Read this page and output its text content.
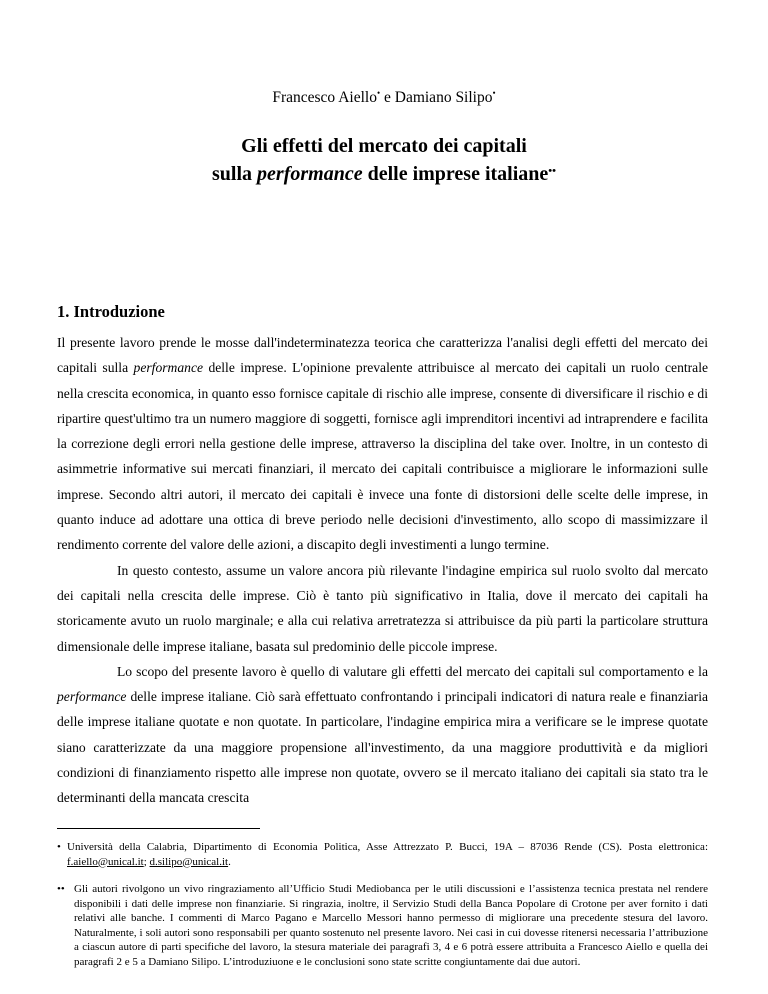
Francesco Aiello• e Damiano Silipo•
Gli effetti del mercato dei capitali
sulla performance delle imprese italiane••
1. Introduzione

Il presente lavoro prende le mosse dall'indeterminatezza teorica che caratterizza l'analisi degli effetti del mercato dei capitali sulla performance delle imprese. L'opinione prevalente attribuisce al mercato dei capitali un ruolo centrale nella crescita economica, in quanto esso fornisce capitale di rischio alle imprese, consente di diversificare il rischio e di ripartire quest'ultimo tra un numero maggiore di soggetti, fornisce agli imprenditori incentivi ad intraprendere e facilita la correzione degli errori nella gestione delle imprese, attraverso la disciplina del take over. Inoltre, in un contesto di asimmetrie informative sui mercati finanziari, il mercato dei capitali contribuisce a migliorare le informazioni sulle imprese. Secondo altri autori, il mercato dei capitali è invece una fonte di distorsioni delle scelte delle imprese, in quanto induce ad adottare una ottica di breve periodo nelle decisioni d'investimento, allo scopo di massimizzare il rendimento corrente del valore delle azioni, a discapito degli investimenti a lungo termine.

In questo contesto, assume un valore ancora più rilevante l'indagine empirica sul ruolo svolto dal mercato dei capitali nella crescita delle imprese. Ciò è tanto più significativo in Italia, dove il mercato dei capitali ha storicamente avuto un ruolo marginale; e alla cui relativa arretratezza si attribuisce da più parti la particolare struttura dimensionale delle imprese italiane, basata sul predominio delle piccole imprese.

Lo scopo del presente lavoro è quello di valutare gli effetti del mercato dei capitali sul comportamento e la performance delle imprese italiane. Ciò sarà effettuato confrontando i principali indicatori di natura reale e finanziaria delle imprese italiane quotate e non quotate. In particolare, l'indagine empirica mira a verificare se le imprese quotate siano caratterizzate da una maggiore propensione all'investimento, da una maggiore produttività e da migliori condizioni di finanziamento rispetto alle imprese non quotate, ovvero se il mercato italiano dei capitali sia stato tra le determinanti della mancata crescita

• Università della Calabria, Dipartimento di Economia Politica, Asse Attrezzato P. Bucci, 19A – 87036 Rende (CS). Posta elettronica: f.aiello@unical.it; d.silipo@unical.it.
•• Gli autori rivolgono un vivo ringraziamento all’Ufficio Studi Mediobanca per le utili discussioni e l’assistenza tecnica prestata nel rendere disponibili i dati delle imprese non finanziarie. Si ringrazia, inoltre, il Servizio Studi della Banca Popolare di Crotone per aver fornito i dati relativi alle banche. I commenti di Marco Pagano e Marcello Messori hanno permesso di migliorare una precedente stesura del lavoro. Naturalmente, i soli autori sono responsabili per quanto sostenuto nel presente lavoro. Nei casi in cui dovesse ritenersi necessaria l’attribuzione a ciascun autore di parti specifiche del lavoro, la stesura materiale dei paragrafi 3, 4 e 6 potrà essere attribuita a Francesco Aiello e quella dei paragrafi 2 e 5 a Damiano Silipo. L’introduziuone e le conclusioni sono state scritte congiuntamente dai due autori.
